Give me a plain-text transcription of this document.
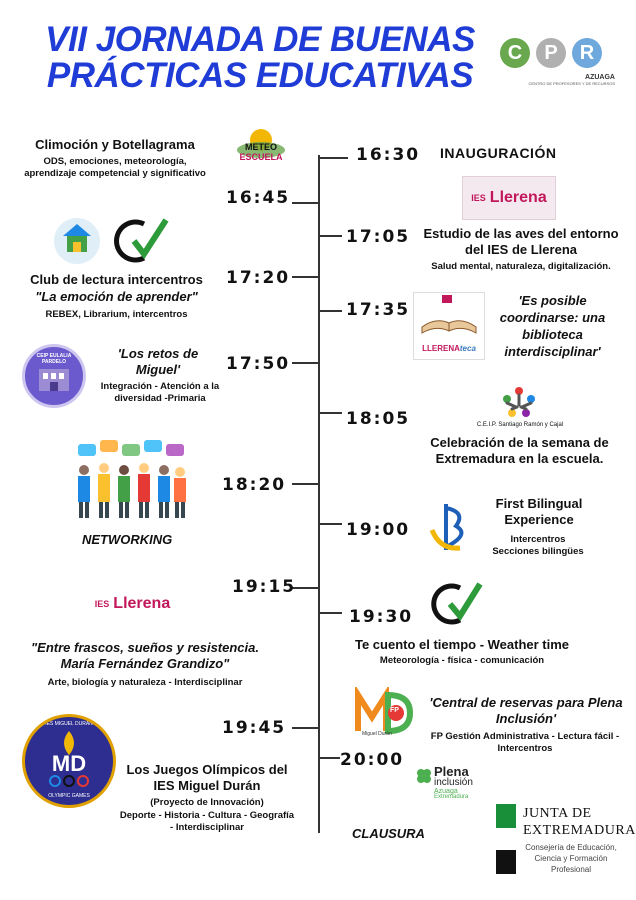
VII JORNADA DE BUENAS
PRÁCTICAS EDUCATIVAS
C	P	R
AZUAGA
CENTRO DE PROFESORES Y DE RECURSOS
16:30
16:45
17:05
17:20
17:35
17:50
18:05
18:20
19:00
19:15
19:30
19:45
20:00
INAUGURACIÓN
IES Llerena
Estudio de las aves del entorno del IES de Llerena
Salud mental, naturaleza, digitalización.
LLERENAteca
'Es posible coordinarse: una biblioteca interdisciplinar'
C.E.I.P. Santiago Ramón y Cajal
Celebración de la semana de Extremadura en la escuela.
First Bilingual Experience
Intercentros
Secciones bilingües
Te cuento el tiempo - Weather time
Meteorología - física - comunicación
FP
Miguel Durán
'Central de reservas para Plena Inclusión'
FP Gestión Administrativa - Lectura fácil - Intercentros
Plena
inclusión
Azuaga
Extremadura
CLAUSURA
JUNTA DE
EXTREMADURA
Consejería de Educación, Ciencia y Formación Profesional
Climoción y Botellagrama
ODS, emociones, meteorología, aprendizaje competencial y significativo
METEO
ESCUELA
Club de lectura intercentros
"La emoción de aprender"
REBEX, Librarium, intercentros
CEIP EULALIA PARDELO
'Los retos de Miguel'
Integración - Atención a la diversidad -Primaria
NETWORKING
IES Llerena
"Entre frascos, sueños y resistencia. María Fernández Grandizo"
Arte, biología y naturaleza - Interdisciplinar
MD
IES MIGUEL DURÁN
OLYMPIC GAMES
Los Juegos Olímpicos del IES Miguel Durán
(Proyecto de Innovación)
Deporte - Historia - Cultura - Geografía - Interdisciplinar
